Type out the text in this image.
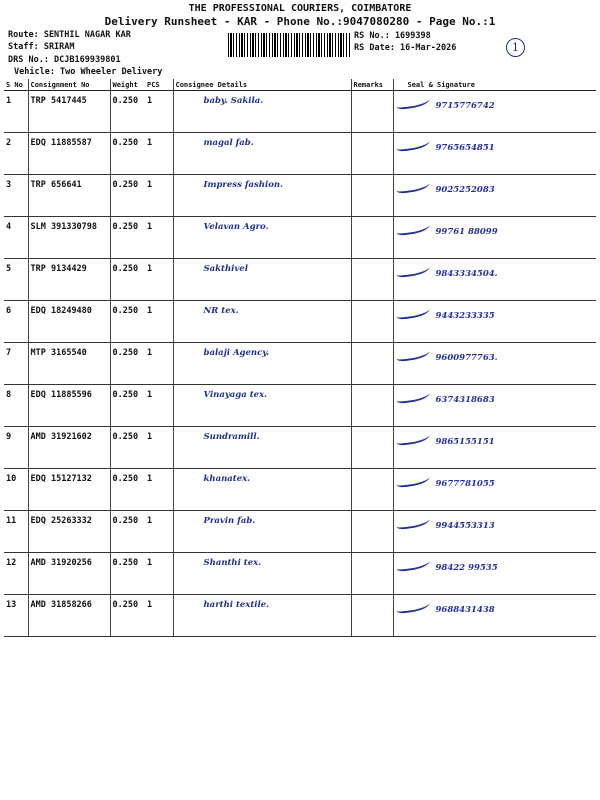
THE PROFESSIONAL COURIERS, COIMBATORE
Delivery Runsheet - KAR - Phone No.:9047080280 - Page No.:1
Route: SENTHIL NAGAR KAR
Staff: SRIRAM
DRS No.: DCJB169939801
Vehicle: Two Wheeler Delivery
RS No.: 1699398
RS Date: 16-Mar-2026	1
S No	Consignment No	Weight	PCS	Consignee Details	Remarks	Seal & Signature
1	TRP 5417445	0.250	1	baby. Sakila.		9715776742
2	EDQ 11885587	0.250	1	magal fab.		9765654851
3	TRP 656641	0.250	1	Impress fashion.		9025252083
4	SLM 391330798	0.250	1	Velavan Agro.		99761 88099
5	TRP 9134429	0.250	1	Sakthivel		9843334504.
6	EDQ 18249480	0.250	1	NR tex.		9443233335
7	MTP 3165540	0.250	1	balaji Agency.		9600977763.
8	EDQ 11885596	0.250	1	Vinayaga tex.		6374318683
9	AMD 31921602	0.250	1	Sundramill.		9865155151
10	EDQ 15127132	0.250	1	khanatex.		9677781055
11	EDQ 25263332	0.250	1	Pravin fab.		9944553313
12	AMD 31920256	0.250	1	Shanthi tex.		98422 99535
13	AMD 31858266	0.250	1	harthi textile.		9688431438
